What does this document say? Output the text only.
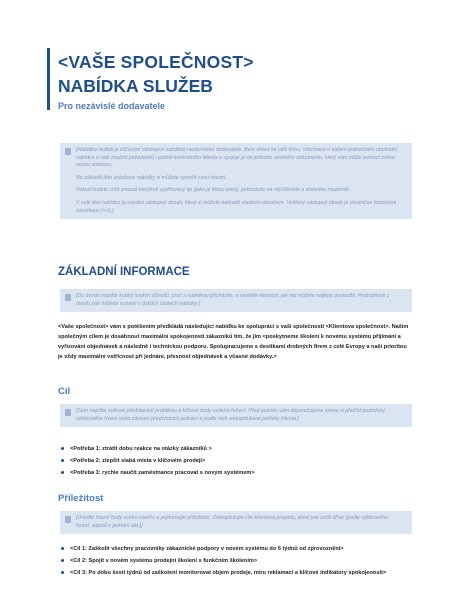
<VAŠE SPOLEČNOST>
NABÍDKA SLUŽEB
Pro nezávislé dodavatele

[Nabídka služeb je klíčovým nástrojem každého nezávislého dodavatele. Bere ohled na vaši firmu, informace o vašem jedinečném obchodní nabídce a vaši znalost požadavků i potřeb konkrétního klienta a spojuje je do jednoho ucelného dokumentu, který vám může pomoct získat novou smlouvu.

Na základě této ukázkové nabídky si můžete vytvořit svou vlastní.

Pokud budete chtít smazat kterýkoli vyplňovaný tip (jako je třeba tento), jednoduše na něj klikněte a stiskněte mezerník.

V celé této nabídce je uveden zástupný obsah, který si můžete nahradit vlastním obsahem. Veškerý zástupný obsah je ohraničen lomenými závorkami (<>).]

ZÁKLADNÍ INFORMACE

[Do úvodu napište krátký souhrn důvodů, proč s nabídkou přicházíte, a nastiňte klientovi, jak mu můžete nejlépe posloužit. Podrobnosti z úvodu pak můžete rozvést v dalších částech nabídky.]

<Vaše společnost> vám s potěšením předkládá následující nabídku ke spolupráci s vaší společností <Klientova společnost>. Naším společným cílem je dosáhnout maximální spokojenosti zákazníků tím, že jim <poskytneme školení k novému systému přijímání a vyřizování objednávek a následně i technickou podporu. Spolupracujeme s desítkami drobných firem z celé Evropy a naší prioritou je vždy maximální vstřícnost při jednání, přesnost objednávek a včasné dodávky.>
Cíl

[Sem napište celkové představení problému a klíčové body vašeho řešení. Před psaním vám doporučujeme znovu si přečíst podmínky výběrového řízení nebo zásnam předchozích jednání a podle nich zrekapitulovat potřeby klienta.]

<Potřeba 1: ztrátit dobu reakce na otázky zákazníků >
<Potřeba 2: zlepšit slabá místa v klíčovém prodeji>
<Potřeba 3: rychle naučit zaměstnance pracovat s novým systémem>
Příležitost

[Uveďte hlavní body svého návrhu a pojmenujte příležitost. Zrekapitulujte cíle klientova projektu, které jste určili dříve (podle výběrového řízení, zápisů z jednání atd.)]

<Cíl 1: Zaškolit všechny pracovníky zákaznické podpory v novém systému do 6 týdnů od zprovoznění>
<Cíl 2: Spojit v novém systému prodejní školení s funkčním školením>
<Cíl 3: Po dobu šesti týdnů od zaškolení monitorovat objem prodeje, míru reklamací a klíčové indikátory spokojenosti>
